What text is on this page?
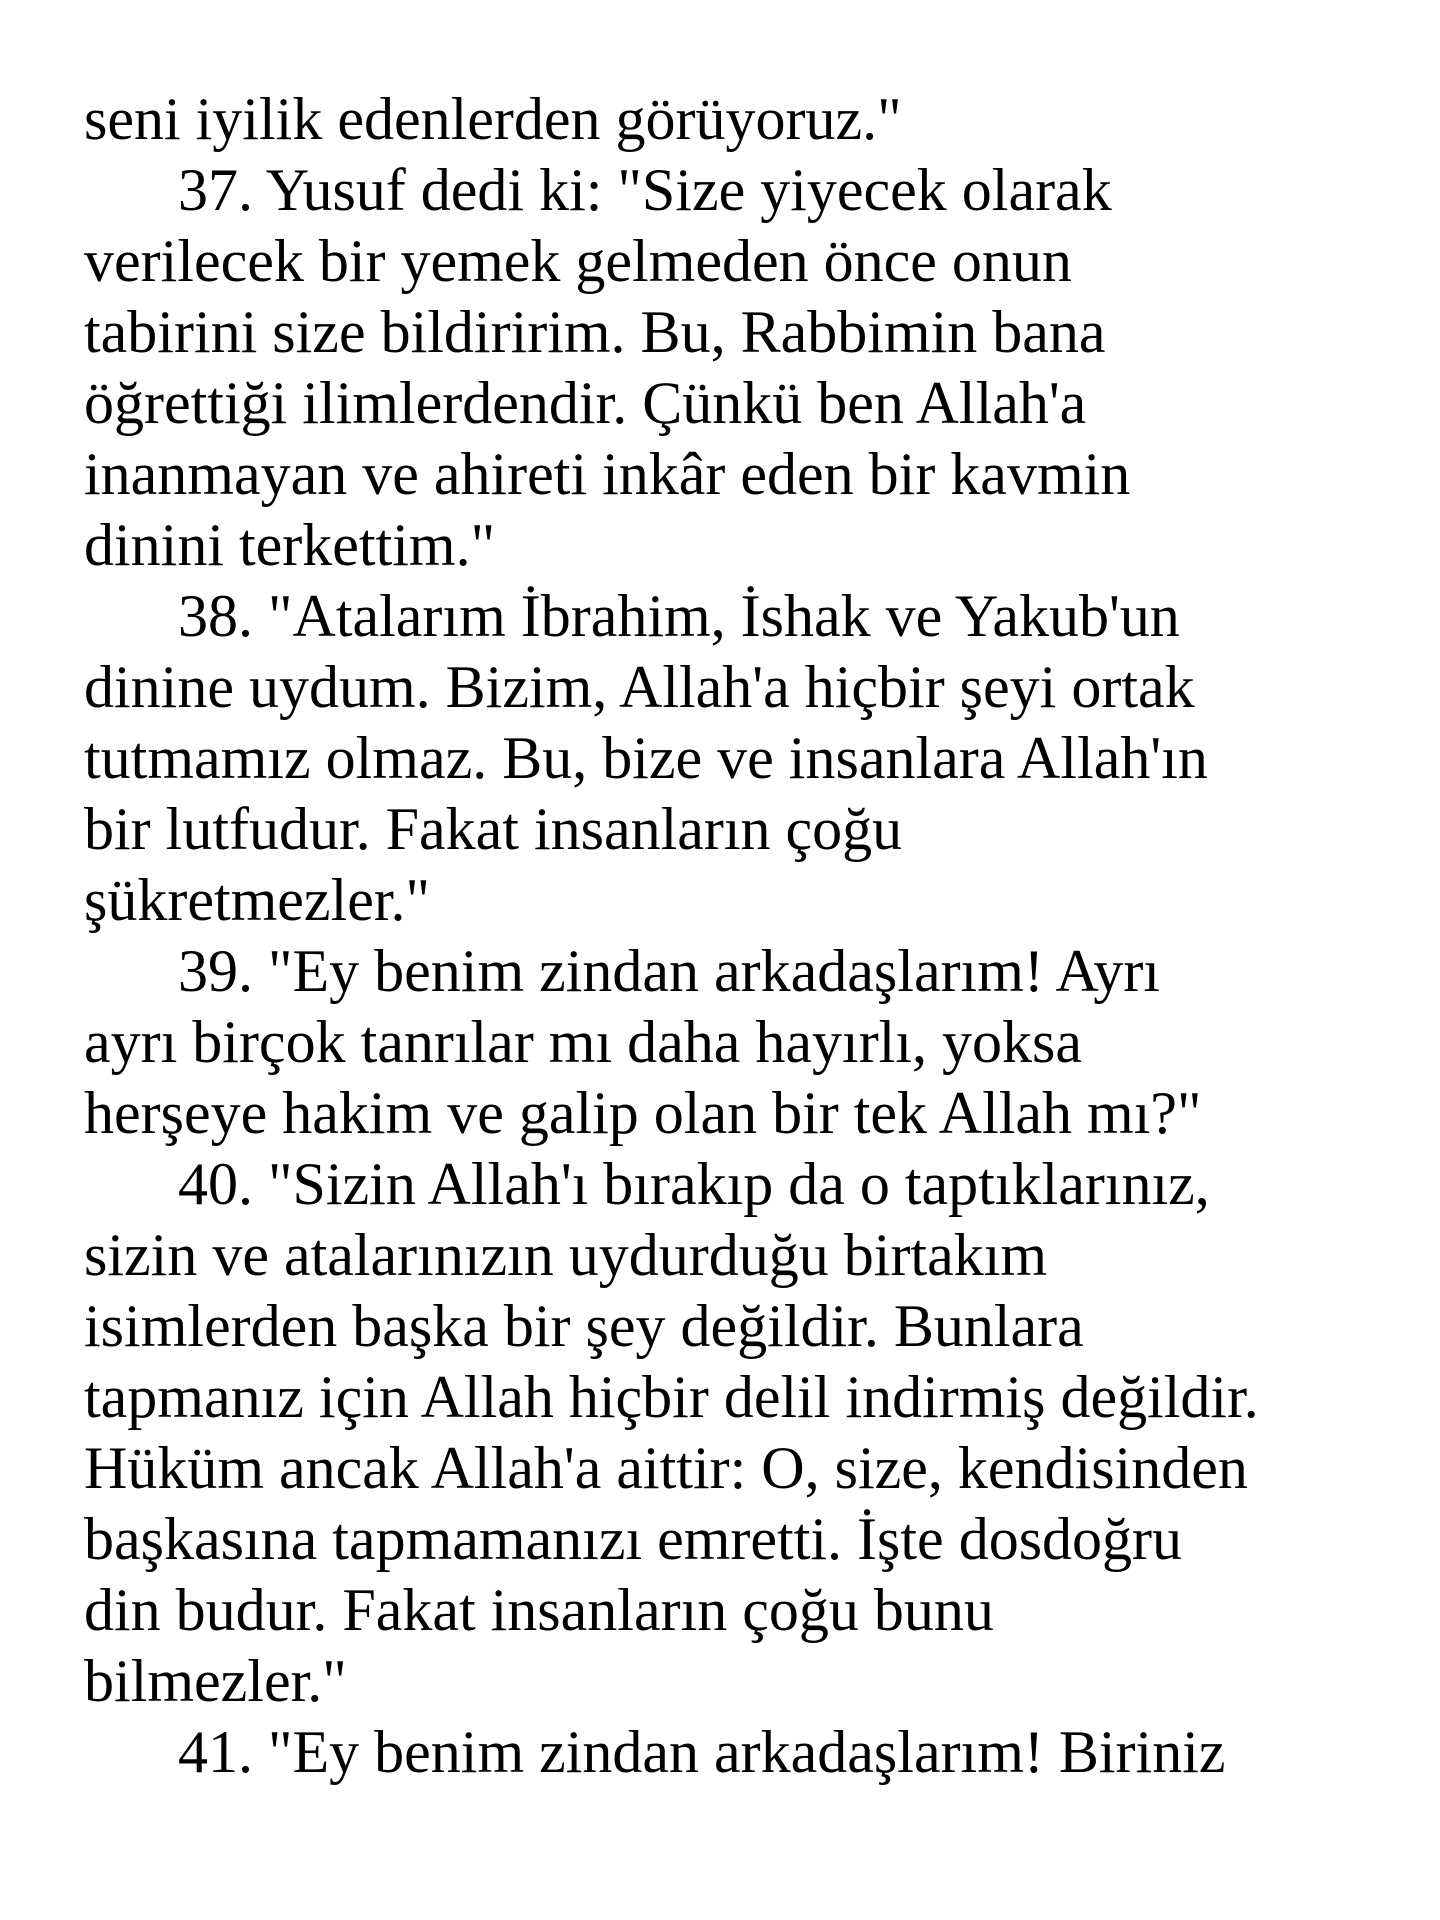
seni iyilik edenlerden görüyoruz."
37. Yusuf dedi ki: "Size yiyecek olarak
verilecek bir yemek gelmeden önce onun
tabirini size bildiririm. Bu, Rabbimin bana
öğrettiği ilimlerdendir. Çünkü ben Allah'a
inanmayan ve ahireti inkâr eden bir kavmin
dinini terkettim."
38. "Atalarım İbrahim, İshak ve Yakub'un
dinine uydum. Bizim, Allah'a hiçbir şeyi ortak
tutmamız olmaz. Bu, bize ve insanlara Allah'ın
bir lutfudur. Fakat insanların çoğu
şükretmezler."
39. "Ey benim zindan arkadaşlarım! Ayrı
ayrı birçok tanrılar mı daha hayırlı, yoksa
herşeye hakim ve galip olan bir tek Allah mı?"
40. "Sizin Allah'ı bırakıp da o taptıklarınız,
sizin ve atalarınızın uydurduğu birtakım
isimlerden başka bir şey değildir. Bunlara
tapmanız için Allah hiçbir delil indirmiş değildir.
Hüküm ancak Allah'a aittir: O, size, kendisinden
başkasına tapmamanızı emretti. İşte dosdoğru
din budur. Fakat insanların çoğu bunu
bilmezler."
41. "Ey benim zindan arkadaşlarım! Biriniz
